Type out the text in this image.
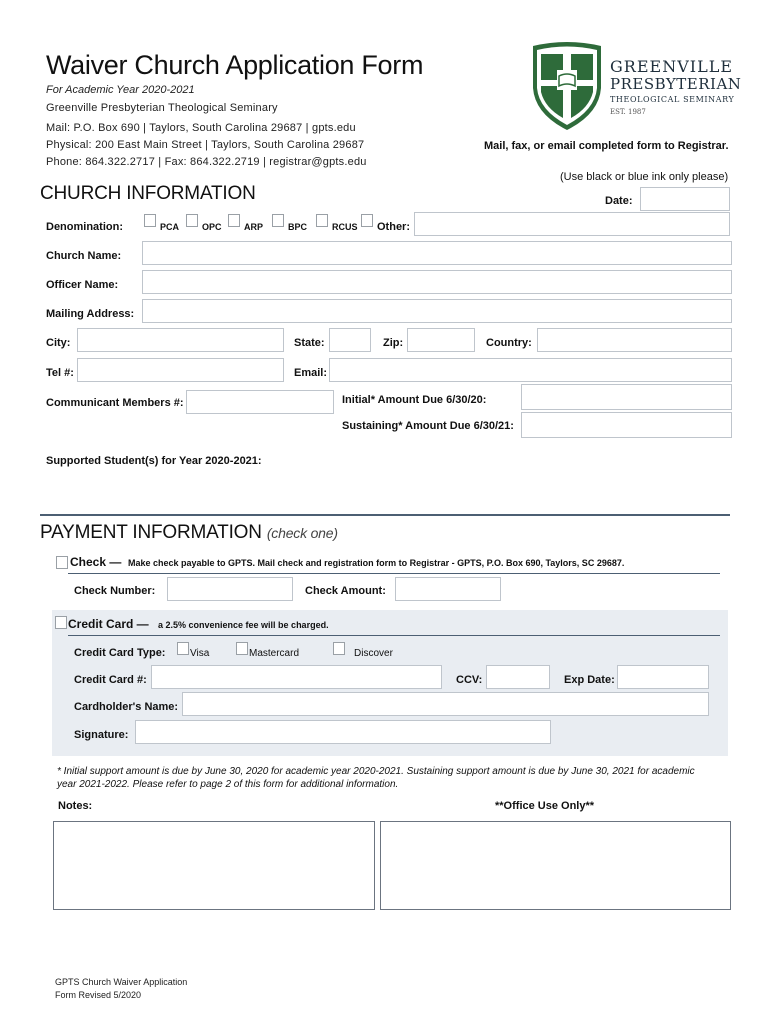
Waiver Church Application Form
For Academic Year 2020-2021
Greenville Presbyterian Theological Seminary
Mail: P.O. Box 690 | Taylors, South Carolina 29687 | gpts.edu
Physical: 200 East Main Street | Taylors, South Carolina 29687
Phone: 864.322.2717 | Fax: 864.322.2719 | registrar@gpts.edu
GREENVILLE
PRESBYTERIAN
THEOLOGICAL SEMINARY
EST. 1987
Mail, fax, or email completed form to Registrar.
(Use black or blue ink only please)
CHURCH INFORMATION	Date:
Denomination:	PCA	OPC ARP	BPC	RCUS Other:
Church Name:
Officer Name:
Mailing Address:
City:	State:	Zip:	Country:
Tel #:	Email:
Communicant Members #:	Initial* Amount Due 6/30/20:
Sustaining* Amount Due 6/30/21:
Supported Student(s) for Year 2020-2021:
PAYMENT INFORMATION (check one)
Check — Make check payable to GPTS. Mail check and registration form to Registrar - GPTS, P.O. Box 690, Taylors, SC 29687.
Check Number:	Check Amount:
Credit Card — a 2.5% convenience fee will be charged.
Credit Card Type: Visa	Mastercard	Discover
Credit Card #:	CCV:	Exp Date:
Cardholder's Name:
Signature:
* Initial support amount is due by June 30, 2020 for academic year 2020-2021. Sustaining support amount is due by June 30, 2021 for academic year 2021-2022. Please refer to page 2 of this form for additional information.
Notes:	**Office Use Only**
GPTS Church Waiver Application
Form Revised 5/2020
